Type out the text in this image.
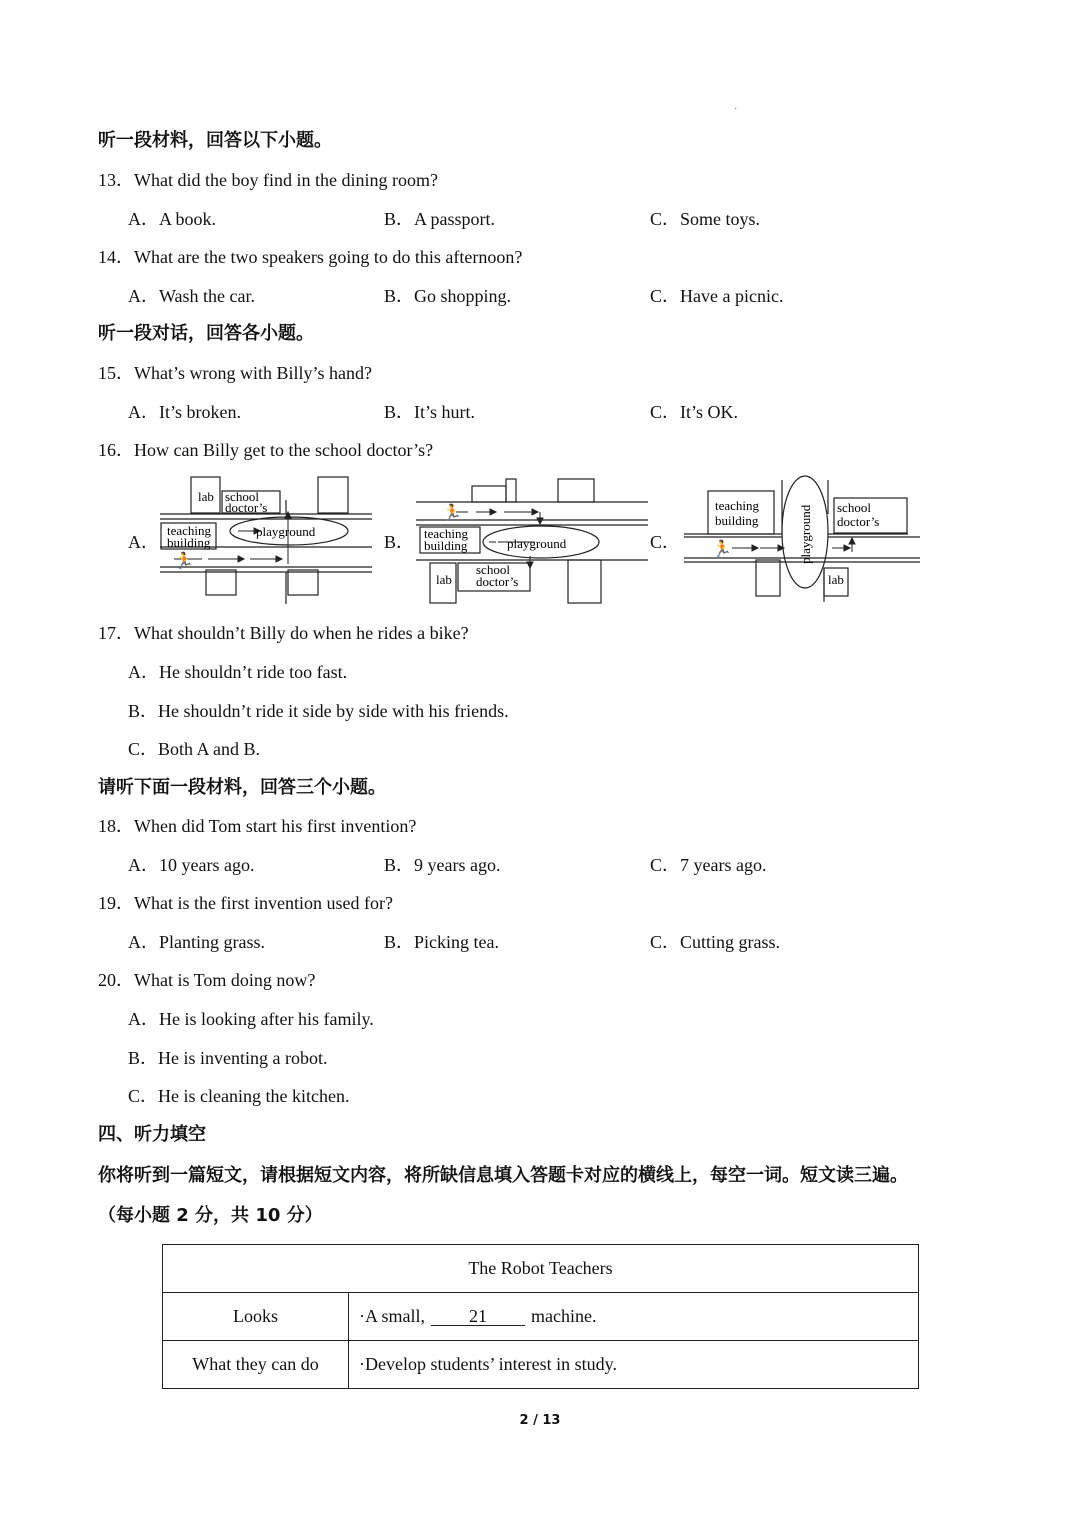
·
听一段材料，回答以下小题。
13．What did the boy find in the dining room?
A．A book.	B．A passport.	C．Some toys.
14．What are the two speakers going to do this afternoon?
A．Wash the car.	B．Go shopping.	C．Have a picnic.
听一段对话，回答各小题。
15．What’s wrong with Billy’s hand?
A．It’s broken.	B．It’s hurt.	C．It’s OK.
16．How can Billy get to the school doctor’s?
A．	B．	C．
lab school
doctor’s
teaching
building
playground
🏃
🏃
teaching
building	playground
lab
school
doctor’s
🏃
teaching
building	playground school
doctor’s
lab
17．What shouldn’t Billy do when he rides a bike?
A．He shouldn’t ride too fast.
B．He shouldn’t ride it side by side with his friends.
C．Both A and B.
请听下面一段材料，回答三个小题。
18．When did Tom start his first invention?
A．10 years ago.	B．9 years ago.	C．7 years ago.
19．What is the first invention used for?
A．Planting grass.	B．Picking tea.	C．Cutting grass.
20．What is Tom doing now?
A．He is looking after his family.
B．He is inventing a robot.
C．He is cleaning the kitchen.
四、听力填空
你将听到一篇短文，请根据短文内容，将所缺信息填入答题卡对应的横线上，每空一词。短文读三遍。
（每小题 2 分，共 10 分）
The Robot Teachers	
Looks	·A small, 21 machine.
What they can do	·Develop students’ interest in study.
2 / 13
